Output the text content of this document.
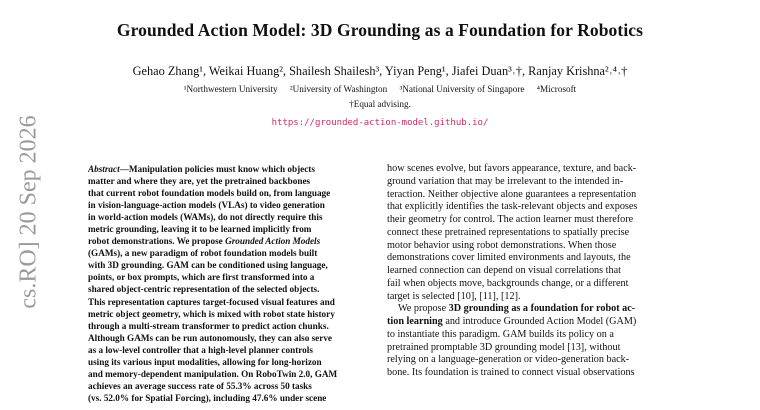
Grounded Action Model: 3D Grounding as a Foundation for Robotics
Gehao Zhang¹, Weikai Huang², Shailesh Shailesh³, Yiyan Peng¹, Jiafei Duan³˒†, Ranjay Krishna²˒⁴˒†
¹Northwestern University ²University of Washington ³National University of Singapore ⁴Microsoft
†Equal advising.
https://grounded-action-model.github.io/
cs.RO] 20 Sep 2026	Abstract—Manipulation policies must know which objects
matter and where they are, yet the pretrained backbones
that current robot foundation models build on, from language
in vision-language-action models (VLAs) to video generation
in world-action models (WAMs), do not directly require this
metric grounding, leaving it to be learned implicitly from
robot demonstrations. We propose Grounded Action Models
(GAMs), a new paradigm of robot foundation models built
with 3D grounding. GAM can be conditioned using language,
points, or box prompts, which are first transformed into a
shared object-centric representation of the selected objects.
This representation captures target-focused visual features and
metric object geometry, which is mixed with robot state history
through a multi-stream transformer to predict action chunks.
Although GAMs can be run autonomously, they can also serve
as a low-level controller that a high-level planner controls
using its various input modalities, allowing for long-horizon
and memory-dependent manipulation. On RoboTwin 2.0, GAM
achieves an average success rate of 55.3% across 50 tasks
(vs. 52.0% for Spatial Forcing), including 47.6% under scene
how scenes evolve, but favors appearance, texture, and back-
ground variation that may be irrelevant to the intended in-
teraction. Neither objective alone guarantees a representation
that explicitly identifies the task-relevant objects and exposes
their geometry for control. The action learner must therefore
connect these pretrained representations to spatially precise
motor behavior using robot demonstrations. When those
demonstrations cover limited environments and layouts, the
learned connection can depend on visual correlations that
fail when objects move, backgrounds change, or a different
target is selected [10], [11], [12].
We propose 3D grounding as a foundation for robot ac-
tion learning and introduce Grounded Action Model (GAM)
to instantiate this paradigm. GAM builds its policy on a
pretrained promptable 3D grounding model [13], without
relying on a language-generation or video-generation back-
bone. Its foundation is trained to connect visual observations
